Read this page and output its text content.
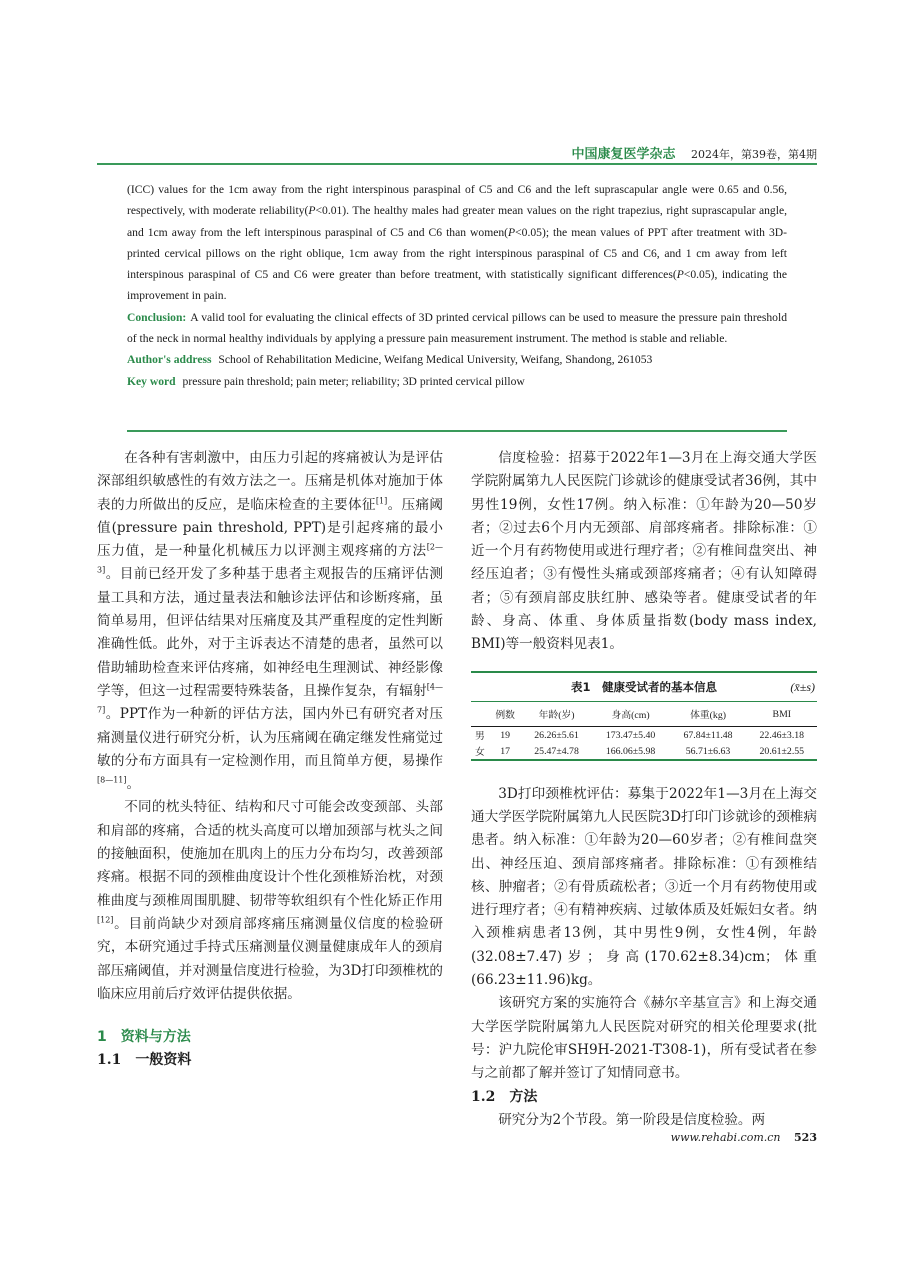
中国康复医学杂志 2024年，第39卷，第4期

(ICC) values for the 1cm away from the right interspinous paraspinal of C5 and C6 and the left suprascapular angle were 0.65 and 0.56, respectively, with moderate reliability(P<0.01). The healthy males had greater mean values on the right trapezius, right suprascapular angle, and 1cm away from the left interspinous paraspinal of C5 and C6 than women(P<0.05); the mean values of PPT after treatment with 3D-printed cervical pillows on the right oblique, 1cm away from the right interspinous paraspinal of C5 and C6, and 1 cm away from left interspinous paraspinal of C5 and C6 were greater than before treatment, with statistically significant differences(P<0.05), indicating the improvement in pain.

Conclusion: A valid tool for evaluating the clinical effects of 3D printed cervical pillows can be used to measure the pressure pain threshold of the neck in normal healthy individuals by applying a pressure pain measurement instrument. The method is stable and reliable.

Author's address School of Rehabilitation Medicine, Weifang Medical University, Weifang, Shandong, 261053

Key word pressure pain threshold; pain meter; reliability; 3D printed cervical pillow

在各种有害刺激中，由压力引起的疼痛被认为是评估深部组织敏感性的有效方法之一。压痛是机体对施加于体表的力所做出的反应，是临床检查的主要体征[1]。压痛阈值(pressure pain threshold, PPT)是引起疼痛的最小压力值，是一种量化机械压力以评测主观疼痛的方法[2—3]。目前已经开发了多种基于患者主观报告的压痛评估测量工具和方法，通过量表法和触诊法评估和诊断疼痛，虽简单易用，但评估结果对压痛度及其严重程度的定性判断准确性低。此外，对于主诉表达不清楚的患者，虽然可以借助辅助检查来评估疼痛，如神经电生理测试、神经影像学等，但这一过程需要特殊装备，且操作复杂，有辐射[4—7]。PPT作为一种新的评估方法，国内外已有研究者对压痛测量仪进行研究分析，认为压痛阈在确定继发性痛觉过敏的分布方面具有一定检测作用，而且简单方便，易操作[8—11]。

不同的枕头特征、结构和尺寸可能会改变颈部、头部和肩部的疼痛，合适的枕头高度可以增加颈部与枕头之间的接触面积，使施加在肌肉上的压力分布均匀，改善颈部疼痛。根据不同的颈椎曲度设计个性化颈椎矫治枕，对颈椎曲度与颈椎周围肌腱、韧带等软组织有个性化矫正作用[12]。目前尚缺少对颈肩部疼痛压痛测量仪信度的检验研究，本研究通过手持式压痛测量仪测量健康成年人的颈肩部压痛阈值，并对测量信度进行检验，为3D打印颈椎枕的临床应用前后疗效评估提供依据。

1　资料与方法

1.1 一般资料

信度检验：招募于2022年1—3月在上海交通大学医学院附属第九人民医院门诊就诊的健康受试者36例，其中男性19例，女性17例。纳入标准：①年龄为20—50岁者；②过去6个月内无颈部、肩部疼痛者。排除标准：①近一个月有药物使用或进行理疗者；②有椎间盘突出、神经压迫者；③有慢性头痛或颈部疼痛者；④有认知障碍者；⑤有颈肩部皮肤红肿、感染等者。健康受试者的年龄、身高、体重、身体质量指数(body mass index, BMI)等一般资料见表1。

3D打印颈椎枕评估：募集于2022年1—3月在上海交通大学医学院附属第九人民医院3D打印门诊就诊的颈椎病患者。纳入标准：①年龄为20—60岁者；②有椎间盘突出、神经压迫、颈肩部疼痛者。排除标准：①有颈椎结核、肿瘤者；②有骨质疏松者；③近一个月有药物使用或进行理疗者；④有精神疾病、过敏体质及妊娠妇女者。纳入颈椎病患者13例，其中男性9例，女性4例，年龄(32.08±7.47)岁；身高(170.62±8.34)cm；体重(66.23±11.96)kg。

该研究方案的实施符合《赫尔辛基宣言》和上海交通大学医学院附属第九人民医院对研究的相关伦理要求(批号：沪九院伦审SH9H-2021-T308-1)，所有受试者在参与之前都了解并签订了知情同意书。

1.2 方法

研究分为2个节段。第一阶段是信度检验。两

表1　健康受试者的基本信息	(x̄±s)
	例数	年龄(岁)	身高(cm)	体重(kg)	BMI

男	19	26.26±5.61	173.47±5.40	67.84±11.48	22.46±3.18
女	17	25.47±4.78	166.06±5.98	56.71±6.63	20.61±2.55
www.rehabi.com.cn 523
